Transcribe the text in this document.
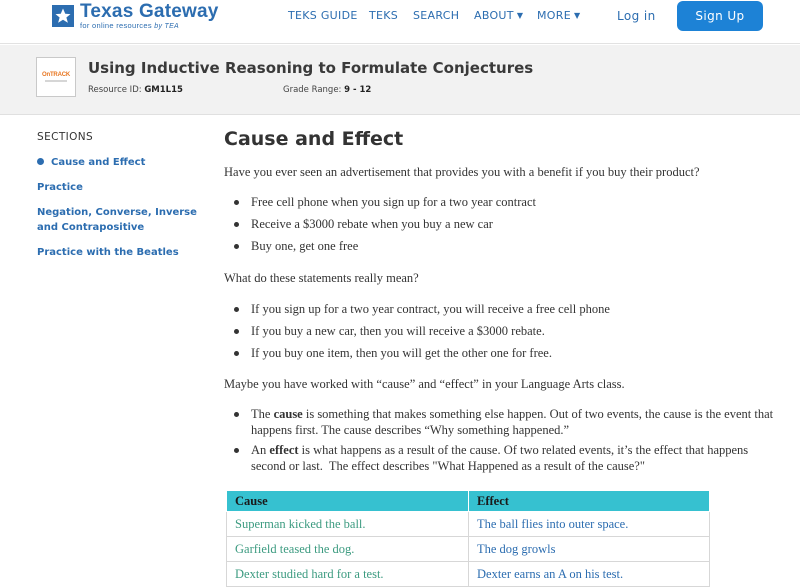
Texas Gateway
for online resources by TEA
TEKS GUIDE TEKS SEARCH ABOUT ▼ MORE ▼	Log in	Sign Up
OnTRACK Using Inductive Reasoning to Formulate Conjectures
Resource ID: GM1L15	Grade Range: 9 - 12
SECTIONS
Cause and Effect
Practice
Negation, Converse, Inverse and Contrapositive
Practice with the Beatles
Cause and Effect
Have you ever seen an advertisement that provides you with a benefit if you buy their product?
Free cell phone when you sign up for a two year contract
Receive a $3000 rebate when you buy a new car
Buy one, get one free
What do these statements really mean?
If you sign up for a two year contract, you will receive a free cell phone
If you buy a new car, then you will receive a $3000 rebate.
If you buy one item, then you will get the other one for free.
Maybe you have worked with “cause” and “effect” in your Language Arts class.
The cause is something that makes something else happen. Out of two events, the cause is the event that happens first. The cause describes “Why something happened.”
An effect is what happens as a result of the cause. Of two related events, it’s the effect that happens second or last.  The effect describes "What Happened as a result of the cause?"
Cause	Effect
Superman kicked the ball.	The ball flies into outer space.
Garfield teased the dog.	The dog growls
Dexter studied hard for a test.	Dexter earns an A on his test.
